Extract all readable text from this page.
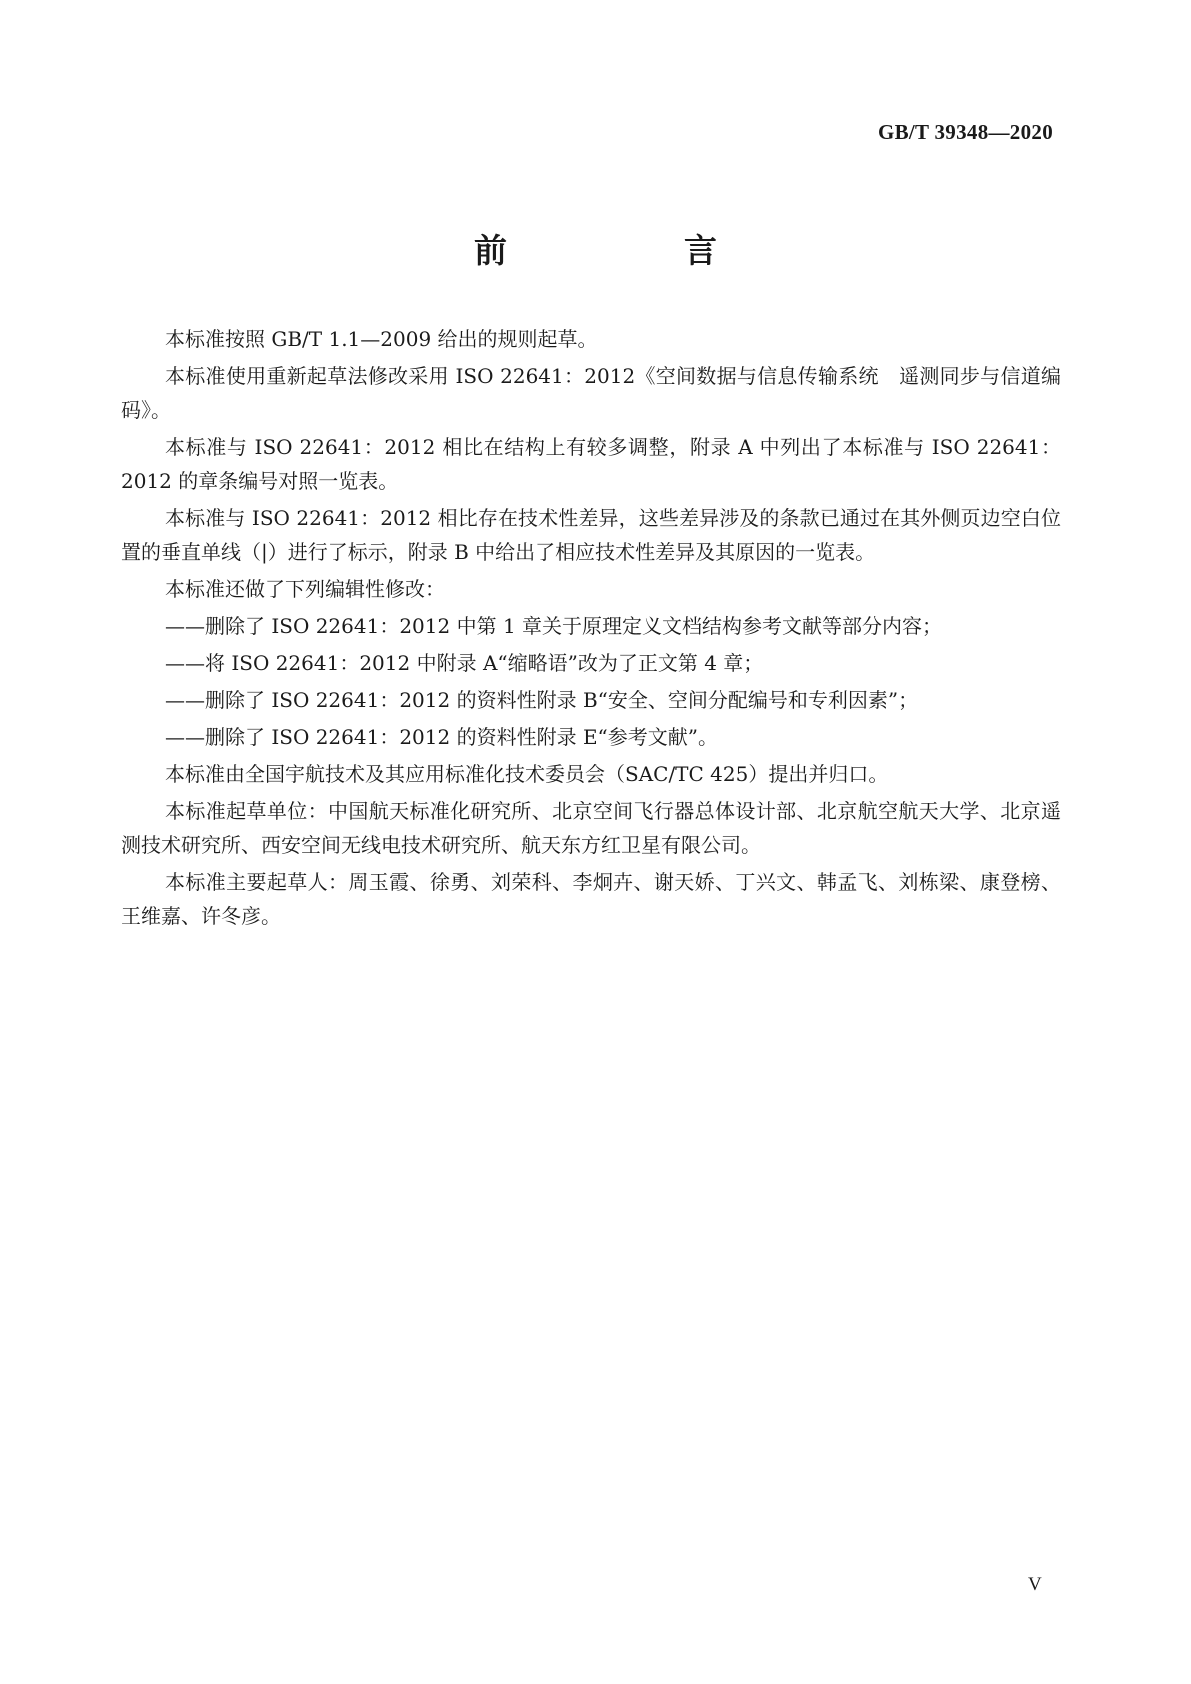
GB/T 39348—2020
前　言

本标准按照 GB/T 1.1—2009 给出的规则起草。

本标准使用重新起草法修改采用 ISO 22641：2012《空间数据与信息传输系统　遥测同步与信道编码》。

本标准与 ISO 22641：2012 相比在结构上有较多调整，附录 A 中列出了本标准与 ISO 22641：2012 的章条编号对照一览表。

本标准与 ISO 22641：2012 相比存在技术性差异，这些差异涉及的条款已通过在其外侧页边空白位置的垂直单线（|）进行了标示，附录 B 中给出了相应技术性差异及其原因的一览表。

本标准还做了下列编辑性修改：

——删除了 ISO 22641：2012 中第 1 章关于原理定义文档结构参考文献等部分内容；

——将 ISO 22641：2012 中附录 A“缩略语”改为了正文第 4 章；

——删除了 ISO 22641：2012 的资料性附录 B“安全、空间分配编号和专利因素”；

——删除了 ISO 22641：2012 的资料性附录 E“参考文献”。

本标准由全国宇航技术及其应用标准化技术委员会（SAC/TC 425）提出并归口。

本标准起草单位：中国航天标准化研究所、北京空间飞行器总体设计部、北京航空航天大学、北京遥测技术研究所、西安空间无线电技术研究所、航天东方红卫星有限公司。

本标准主要起草人：周玉霞、徐勇、刘荣科、李炯卉、谢天娇、丁兴文、韩孟飞、刘栋梁、康登榜、王维嘉、许冬彦。

V
